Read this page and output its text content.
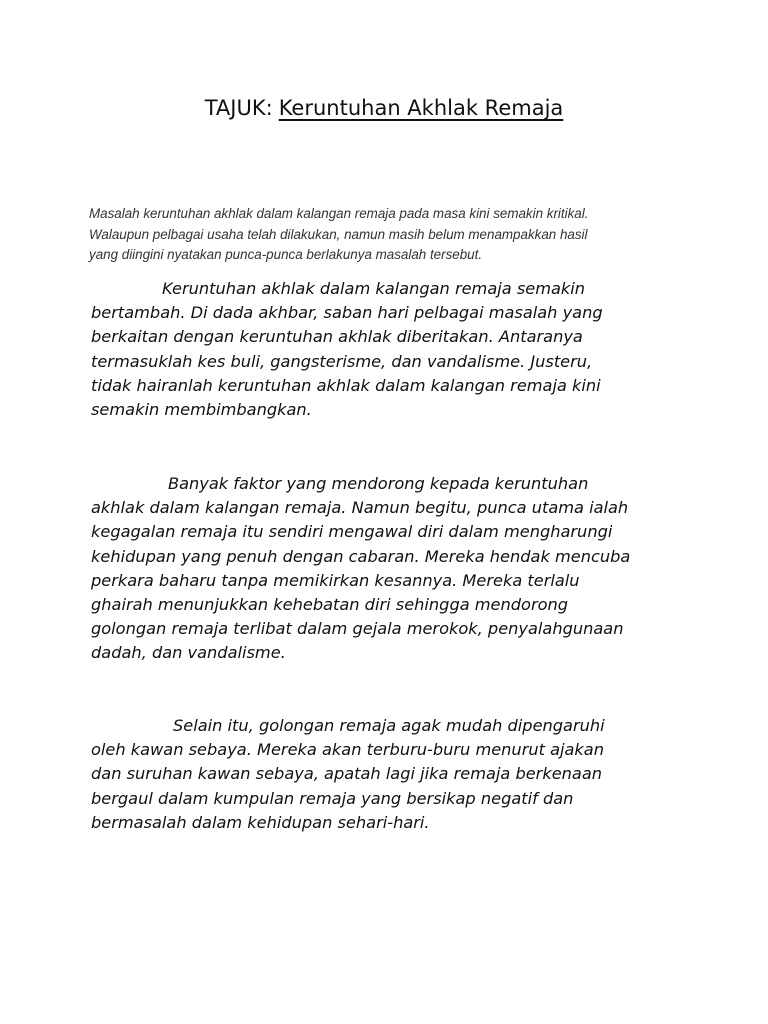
TAJUK: Keruntuhan Akhlak Remaja
Masalah keruntuhan akhlak dalam kalangan remaja pada masa kini semakin kritikal.
Walaupun pelbagai usaha telah dilakukan, namun masih belum menampakkan hasil
yang diingini nyatakan punca-punca berlakunya masalah tersebut.
Keruntuhan akhlak dalam kalangan remaja semakin
bertambah. Di dada akhbar, saban hari pelbagai masalah yang
berkaitan dengan keruntuhan akhlak diberitakan. Antaranya
termasuklah kes buli, gangsterisme, dan vandalisme. Justeru,
tidak hairanlah keruntuhan akhlak dalam kalangan remaja kini
semakin membimbangkan.
Banyak faktor yang mendorong kepada keruntuhan
akhlak dalam kalangan remaja. Namun begitu, punca utama ialah
kegagalan remaja itu sendiri mengawal diri dalam mengharungi
kehidupan yang penuh dengan cabaran. Mereka hendak mencuba
perkara baharu tanpa memikirkan kesannya. Mereka terlalu
ghairah menunjukkan kehebatan diri sehingga mendorong
golongan remaja terlibat dalam gejala merokok, penyalahgunaan
dadah, dan vandalisme.
Selain itu, golongan remaja agak mudah dipengaruhi
oleh kawan sebaya. Mereka akan terburu-buru menurut ajakan
dan suruhan kawan sebaya, apatah lagi jika remaja berkenaan
bergaul dalam kumpulan remaja yang bersikap negatif dan
bermasalah dalam kehidupan sehari-hari.
